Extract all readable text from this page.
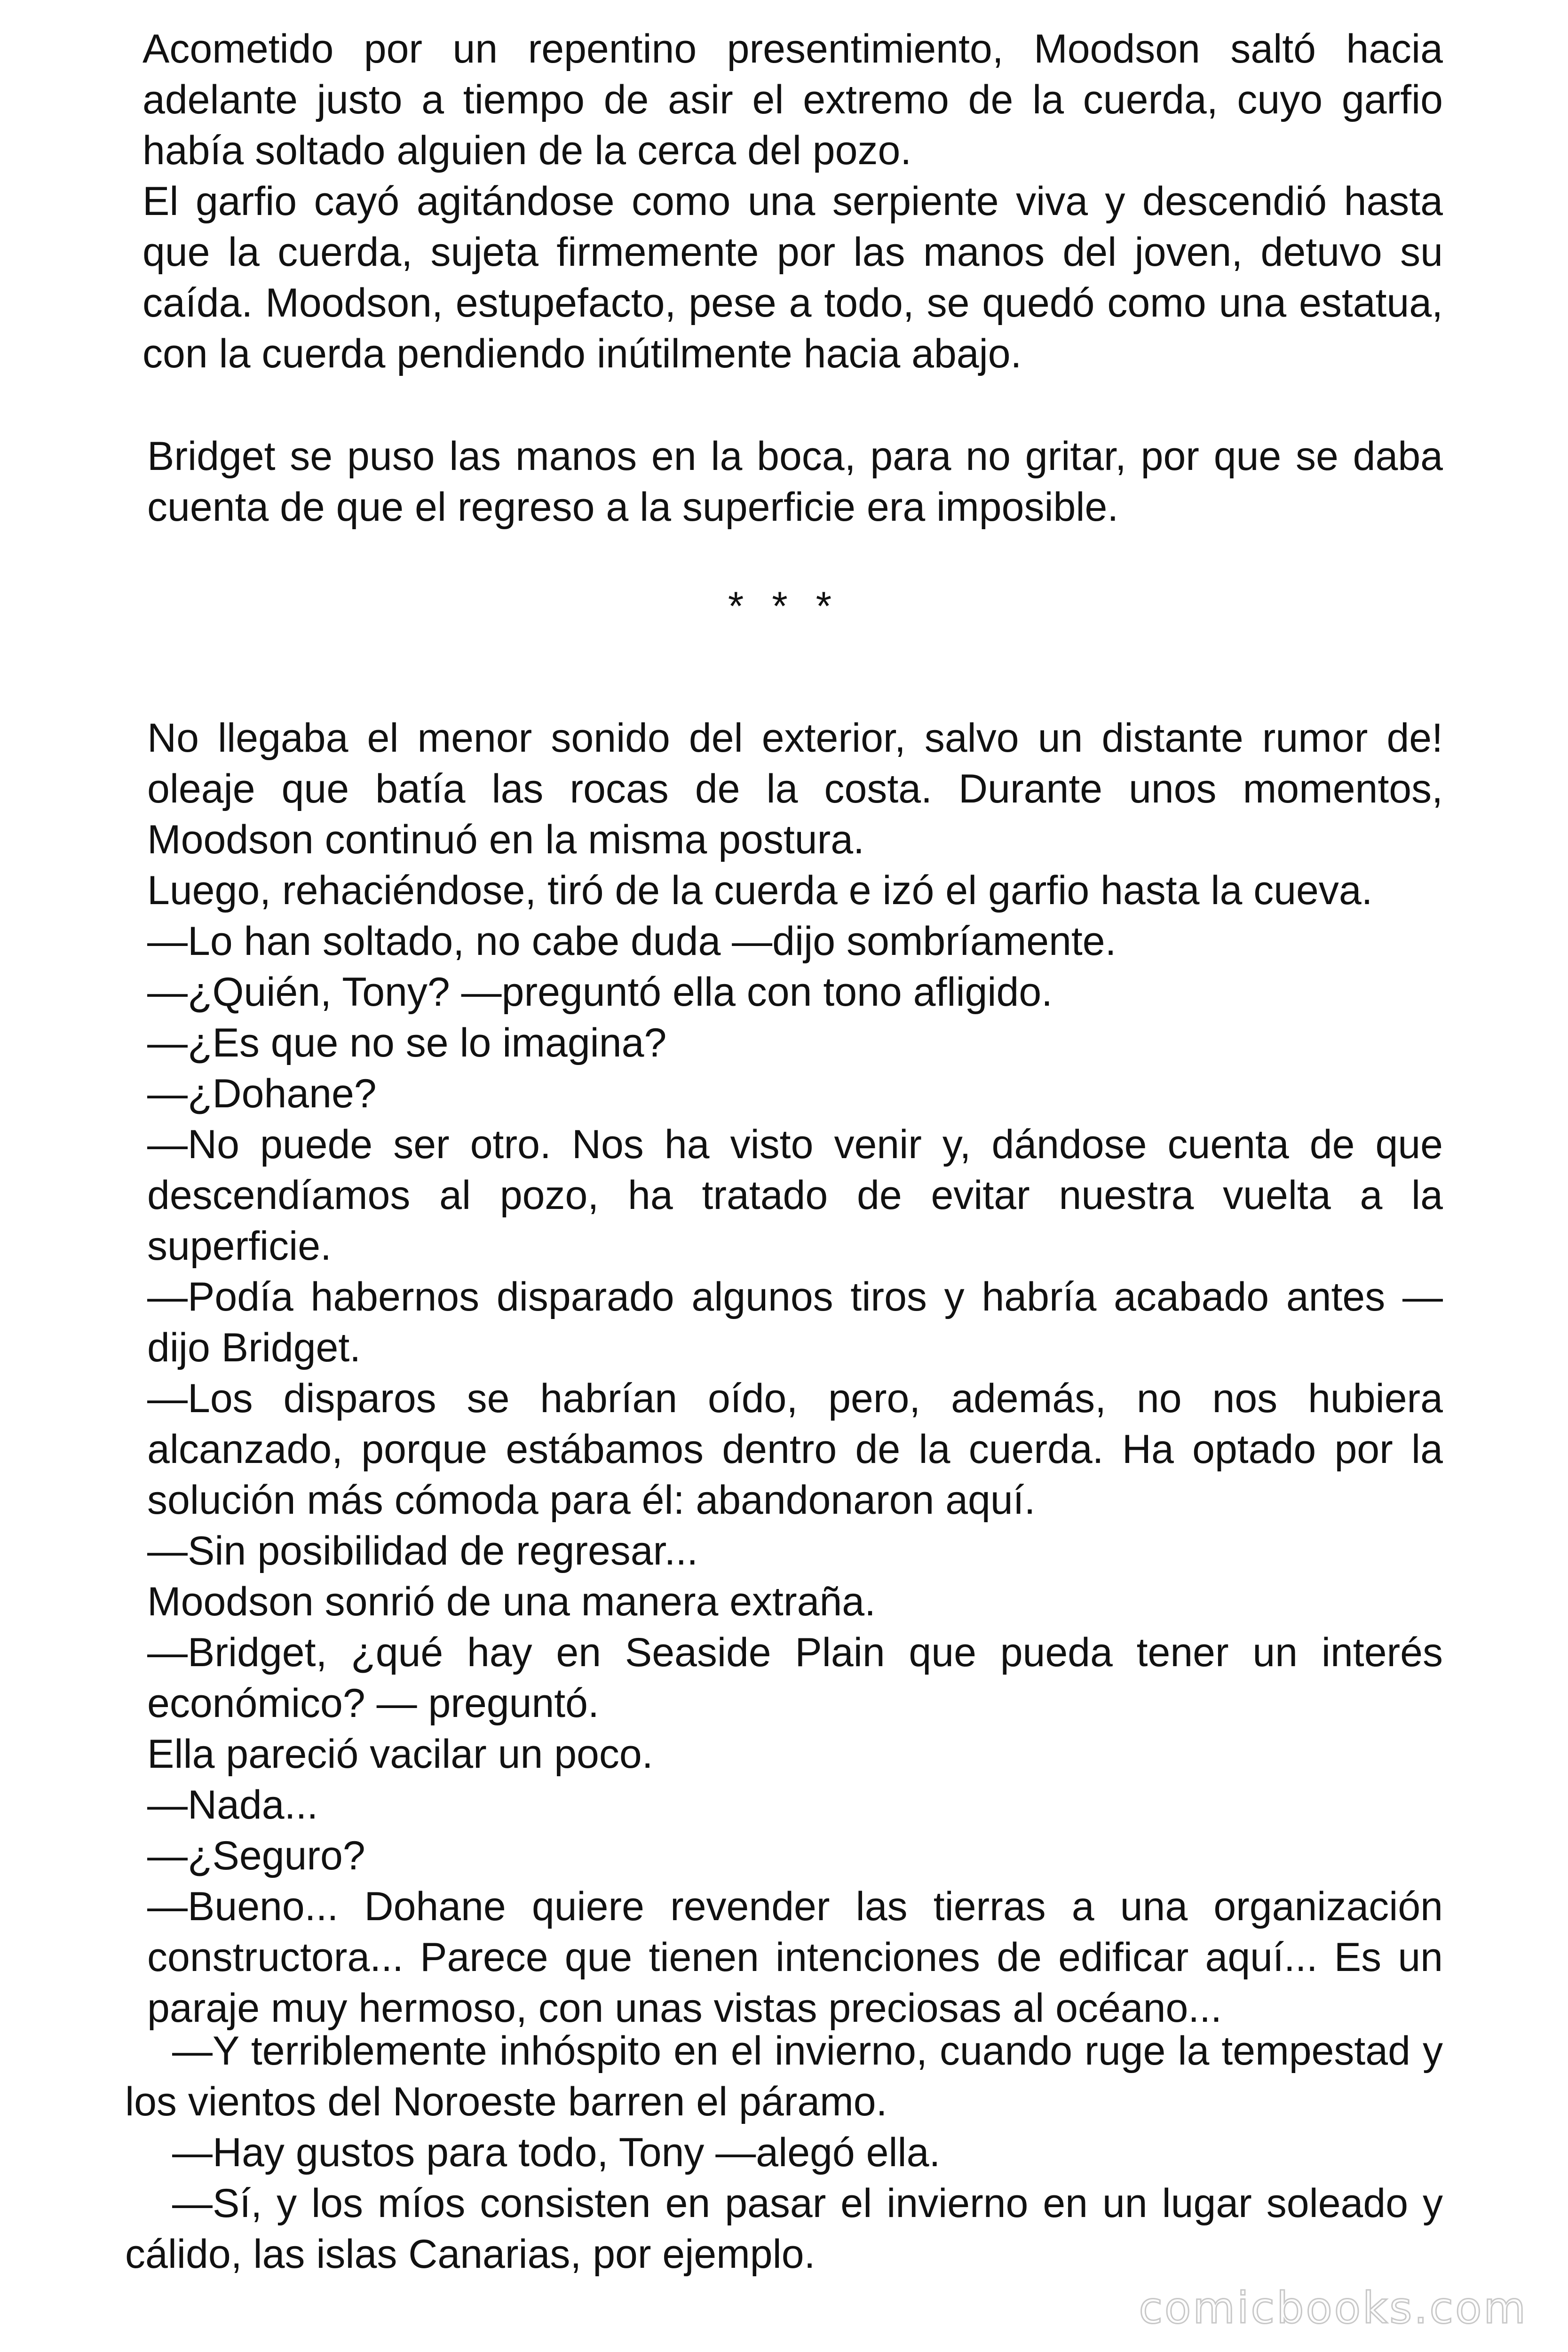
Acometido por un repentino presentimiento, Moodson saltó hacia adelante justo a tiempo de asir el extremo de la cuerda, cuyo garfio había soltado alguien de la cerca del pozo.

El garfio cayó agitándose como una serpiente viva y descendió hasta que la cuerda, sujeta firmemente por las manos del joven, detuvo su caída. Moodson, estupefacto, pese a todo, se quedó como una estatua, con la cuerda pendiendo inútilmente hacia abajo.

Bridget se puso las manos en la boca, para no gritar, por que se daba cuenta de que el regreso a la superficie era imposible.

* * *

No llegaba el menor sonido del exterior, salvo un distante rumor de! oleaje que batía las rocas de la costa. Durante unos momentos, Moodson continuó en la misma postura.

Luego, rehaciéndose, tiró de la cuerda e izó el garfio hasta la cueva.

—Lo han soltado, no cabe duda —dijo sombríamente.

—¿Quién, Tony? —preguntó ella con tono afligido.

—¿Es que no se lo imagina?

—¿Dohane?

—No puede ser otro. Nos ha visto venir y, dándose cuenta de que descendíamos al pozo, ha tratado de evitar nuestra vuelta a la superficie.

—Podía habernos disparado algunos tiros y habría acabado antes —dijo Bridget.

—Los disparos se habrían oído, pero, además, no nos hubiera alcanzado, porque estábamos dentro de la cuerda. Ha optado por la solución más cómoda para él: abandonaron aquí.

—Sin posibilidad de regresar...

Moodson sonrió de una manera extraña.

—Bridget, ¿qué hay en Seaside Plain que pueda tener un interés económico? — preguntó.

Ella pareció vacilar un poco.

—Nada...

—¿Seguro?

—Bueno... Dohane quiere revender las tierras a una organización constructora... Parece que tienen intenciones de edificar aquí... Es un paraje muy hermoso, con unas vistas preciosas al océano...

—Y terriblemente inhóspito en el invierno, cuando ruge la tempestad y los vientos del Noroeste barren el páramo.

—Hay gustos para todo, Tony —alegó ella.

—Sí, y los míos consisten en pasar el invierno en un lugar soleado y cálido, las islas Canarias, por ejemplo.

comicbooks.com
